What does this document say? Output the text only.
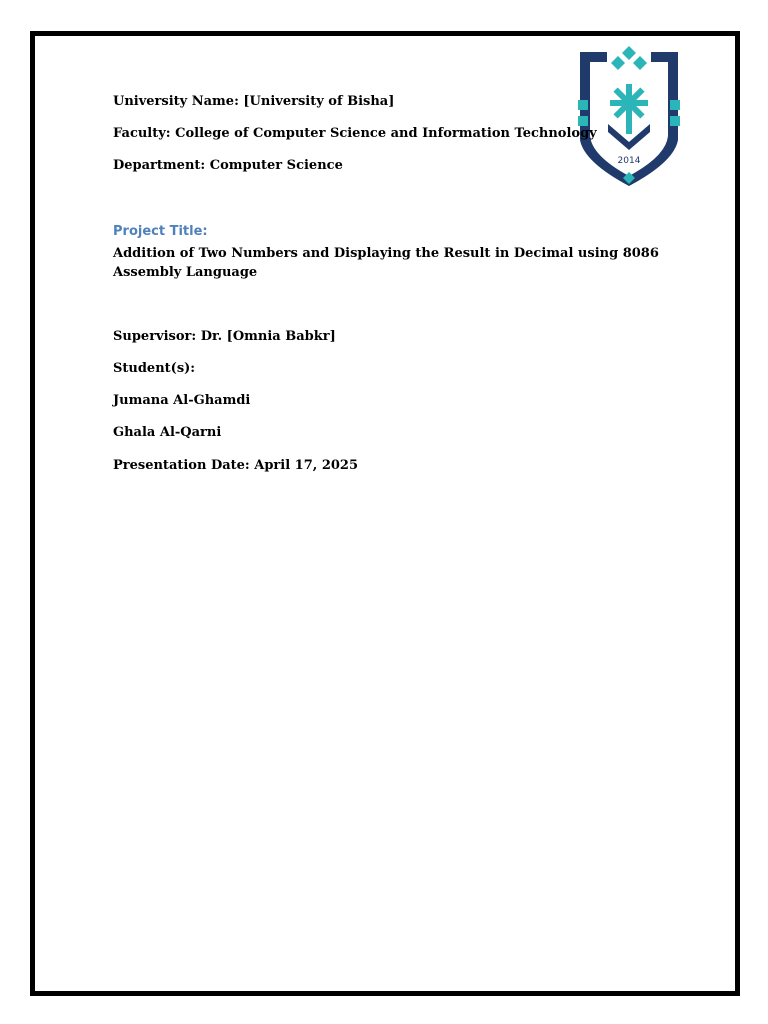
2014

University Name: [University of Bisha]

Faculty: College of Computer Science and Information Technology

Department: Computer Science

Project Title:

Addition of Two Numbers and Displaying the Result in Decimal using 8086 Assembly Language

Supervisor: Dr. [Omnia Babkr]

Student(s):

Jumana Al-Ghamdi

Ghala Al-Qarni

Presentation Date: April 17, 2025
